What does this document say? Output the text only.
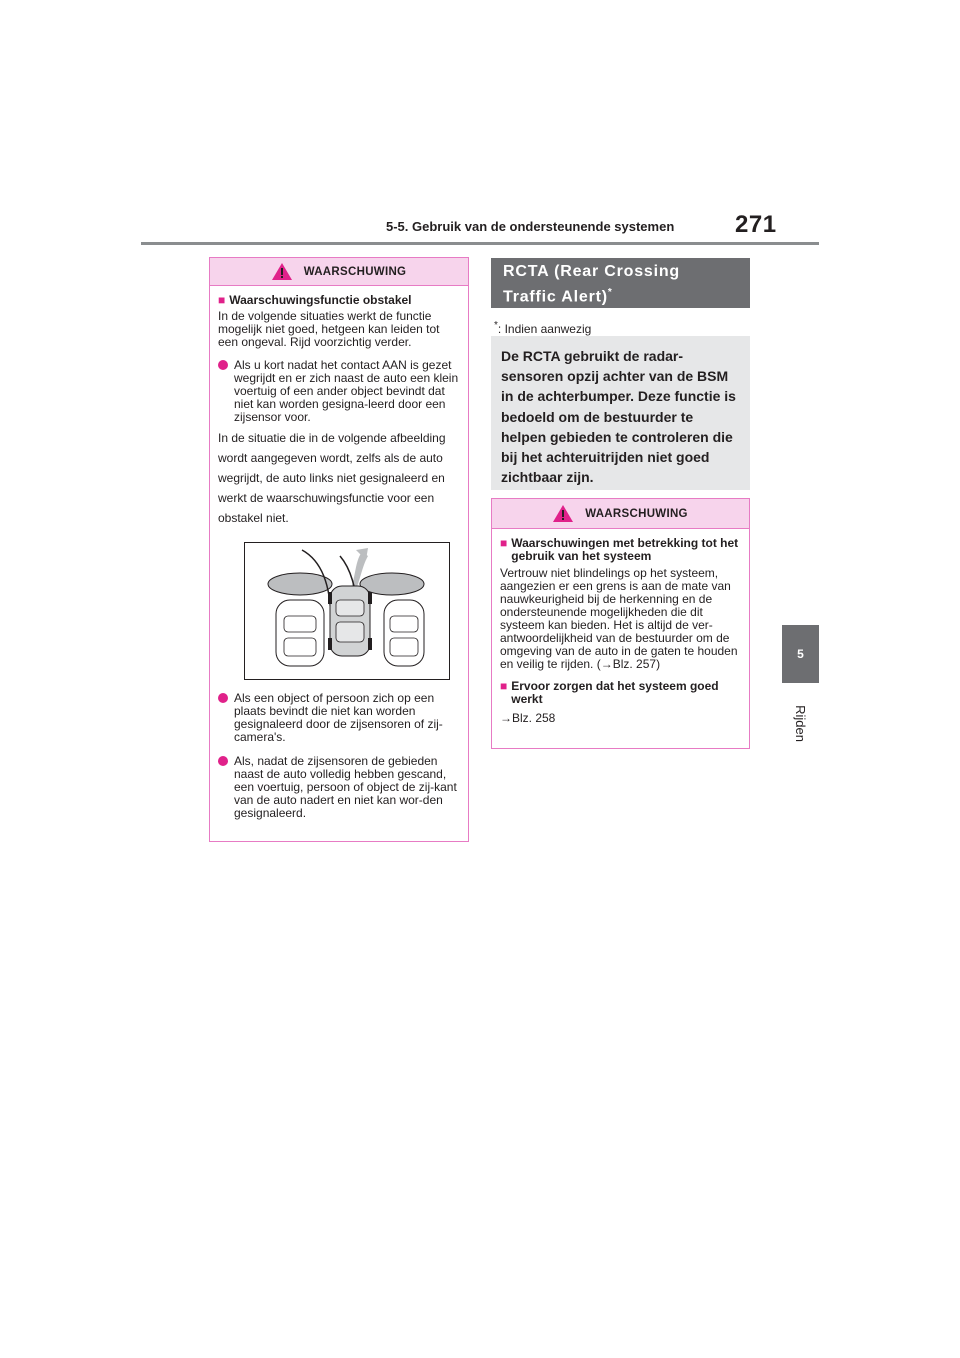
5-5. Gebruik van de ondersteunende systemen	271
5
Rijden
WAARSCHUWING
■ Waarschuwingsfunctie obstakel
In de volgende situaties werkt de functie mogelijk niet goed, hetgeen kan leiden tot een ongeval. Rijd voorzichtig verder.
Als u kort nadat het contact AAN is gezet wegrijdt en er zich naast de auto een klein voertuig of een ander object bevindt dat niet kan worden gesigna-leerd door een zijsensor voor.
In de situatie die in de volgende afbeelding wordt aangegeven wordt, zelfs als de auto wegrijdt, de auto links niet gesignaleerd en werkt de waarschuwingsfunctie voor een obstakel niet.
Als een object of persoon zich op een plaats bevindt die niet kan worden gesignaleerd door de zijsensoren of zij-camera's.
Als, nadat de zijsensoren de gebieden naast de auto volledig hebben gescand, een voertuig, persoon of object de zij-kant van de auto nadert en niet kan wor-den gesignaleerd.
RCTA (Rear Crossing Traffic Alert)*
*: Indien aanwezig
De RCTA gebruikt de radar-sensoren opzij achter van de BSM in de achterbumper. Deze functie is bedoeld om de bestuurder te helpen gebieden te controleren die bij het achteruitrijden niet goed zichtbaar zijn.
WAARSCHUWING
■ Waarschuwingen met betrekking tot het gebruik van het systeem
Vertrouw niet blindelings op het systeem, aangezien er een grens is aan de mate van nauwkeurigheid bij de herkenning en de ondersteunende mogelijkheden die dit systeem kan bieden. Het is altijd de ver-antwoordelijkheid van de bestuurder om de omgeving van de auto in de gaten te houden en veilig te rijden. (→Blz. 257)
■ Ervoor zorgen dat het systeem goed werkt
→Blz. 258
